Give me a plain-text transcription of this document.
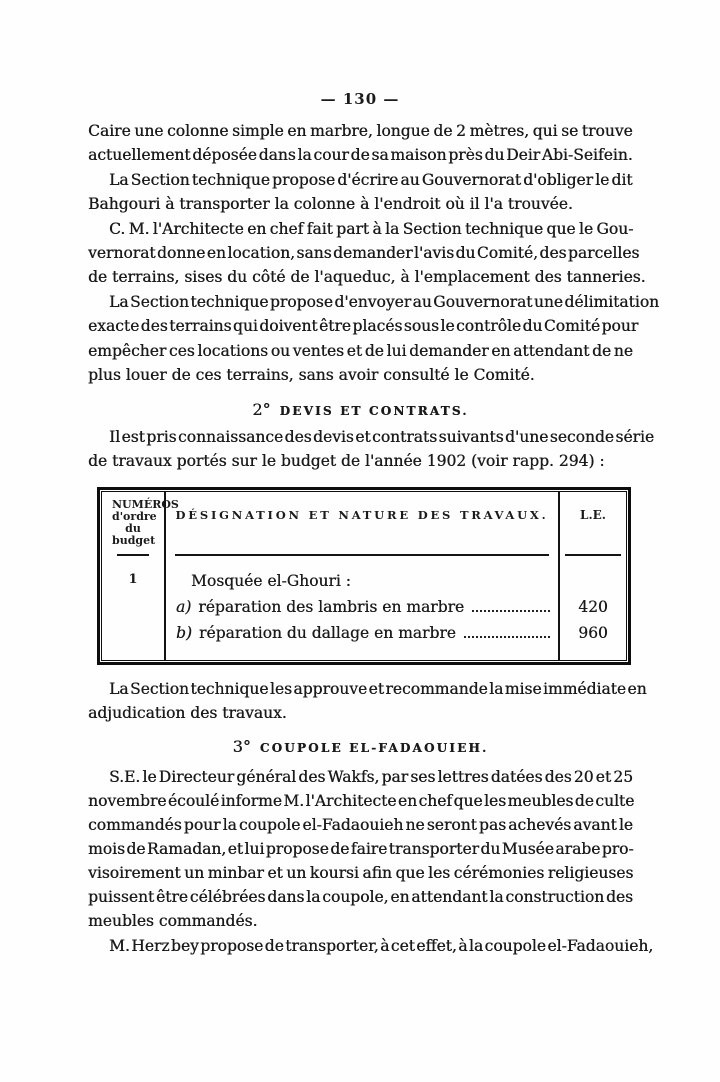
— 130 —
Caire une colonne simple en marbre, longue de 2 mètres, qui se trouve
actuellement déposée dans la cour de sa maison près du Deir Abi-Seifein.
La Section technique propose d'écrire au Gouvernorat d'obliger le dit
Bahgouri à transporter la colonne à l'endroit où il l'a trouvée.
C. M. l'Architecte en chef fait part à la Section technique que le Gou-
vernorat donne en location, sans demander l'avis du Comité, des parcelles
de terrains, sises du côté de l'aqueduc, à l'emplacement des tanneries.
La Section technique propose d'envoyer au Gouvernorat une délimitation
exacte des terrains qui doivent être placés sous le contrôle du Comité pour
empêcher ces locations ou ventes et de lui demander en attendant de ne
plus louer de ces terrains, sans avoir consulté le Comité.
2° DEVIS ET CONTRATS.
Il est pris connaissance des devis et contrats suivants d'une seconde série
de travaux portés sur le budget de l'année 1902 (voir rapp. 294) :
NUMÉROS d'ordre du budget
DÉSIGNATION ET NATURE DES TRAVAUX.	L.E.
1	Mosquée el-Ghouri :
a) réparation des lambris en marbre
b) réparation du dallage en marbre
420
960
La Section technique les approuve et recommande la mise immédiate en
adjudication des travaux.
3° COUPOLE EL-FADAOUIEH.
S.E. le Directeur général des Wakfs, par ses lettres datées des 20 et 25
novembre écoulé informe M. l'Architecte en chef que les meubles de culte
commandés pour la coupole el-Fadaouieh ne seront pas achevés avant le
mois de Ramadan, et lui propose de faire transporter du Musée arabe pro-
visoirement un minbar et un koursi afin que les cérémonies religieuses
puissent être célébrées dans la coupole, en attendant la construction des
meubles commandés.
M. Herz bey propose de transporter, à cet effet, à la coupole el-Fadaouieh,
